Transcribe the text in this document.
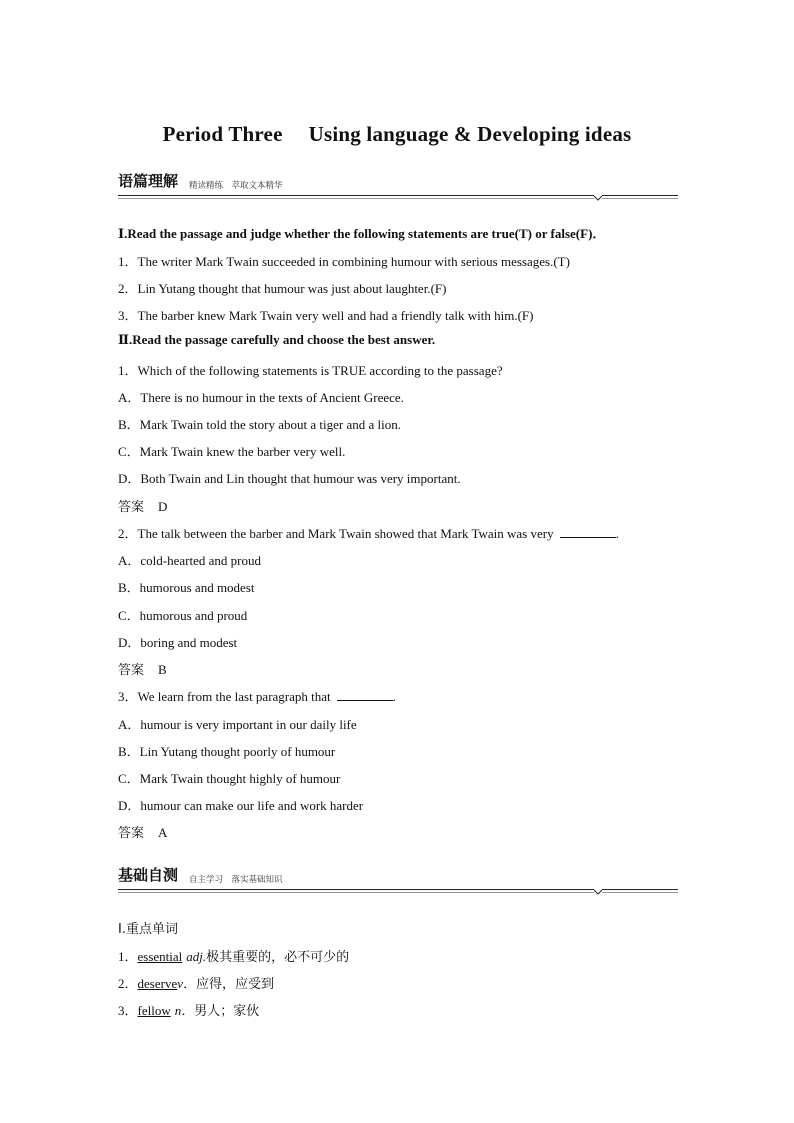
Period Three Using language & Developing ideas
语篇理解 精读精练　萃取文本精华
Ⅰ.Read the passage and judge whether the following statements are true(T) or false(F)．
1．The writer Mark Twain succeeded in combining humour with serious messages.(T)
2．Lin Yutang thought that humour was just about laughter.(F)
3．The barber knew Mark Twain very well and had a friendly talk with him.(F)
Ⅱ.Read the passage carefully and choose the best answer.
1．Which of the following statements is TRUE according to the passage?
A．There is no humour in the texts of Ancient Greece.
B．Mark Twain told the story about a tiger and a lion.
C．Mark Twain knew the barber very well.
D．Both Twain and Lin thought that humour was very important.
答案 D
2．The talk between the barber and Mark Twain showed that Mark Twain was very	.
A．cold-hearted and proud
B．humorous and modest
C．humorous and proud
D．boring and modest
答案 B
3．We learn from the last paragraph that	.
A．humour is very important in our daily life
B．Lin Yutang thought poorly of humour
C．Mark Twain thought highly of humour
D．humour can make our life and work harder
答案 A
基础自测 自主学习　落实基础知识
Ⅰ.重点单词
1．essential adj.极其重要的，必不可少的
2．deservev．应得，应受到
3．fellow n．男人；家伙
